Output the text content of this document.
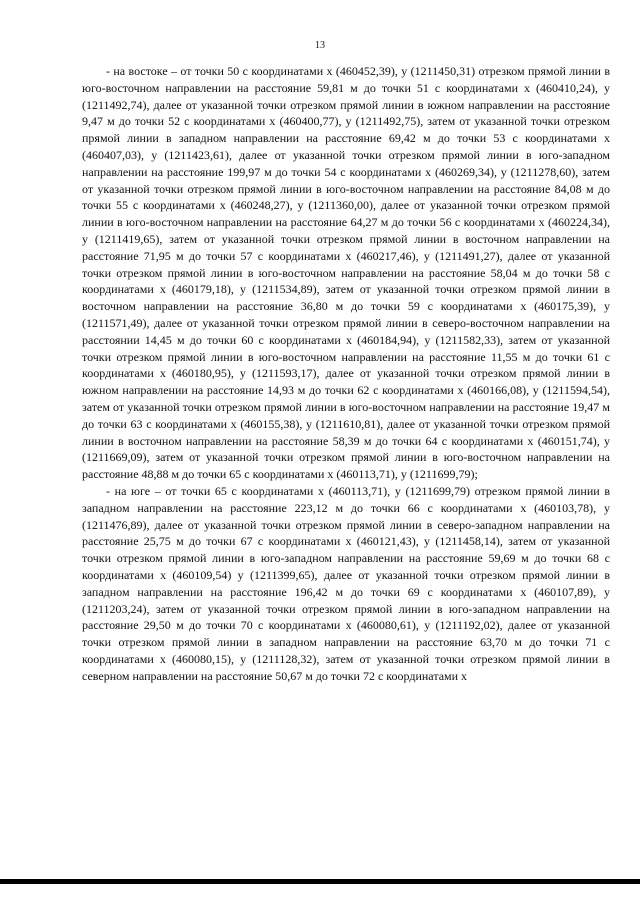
13

- на востоке – от точки 50 с координатами х (460452,39), у (1211450,31) отрезком прямой линии в юго-восточном направлении на расстояние 59,81 м до точки 51 с координатами х (460410,24), у (1211492,74), далее от указанной точки отрезком прямой линии в южном направлении на расстояние 9,47 м до точки 52 с координатами х (460400,77), у (1211492,75), затем от указанной точки отрезком прямой линии в западном направлении на расстояние 69,42 м до точки 53 с координатами х (460407,03), у (1211423,61), далее от указанной точки отрезком прямой линии в юго-западном направлении на расстояние 199,97 м до точки 54 с координатами х (460269,34), у (1211278,60), затем от указанной точки отрезком прямой линии в юго-восточном направлении на расстояние 84,08 м до точки 55 с координатами х (460248,27), у (1211360,00), далее от указанной точки отрезком прямой линии в юго-восточном направлении на расстояние 64,27 м до точки 56 с координатами х (460224,34), у (1211419,65), затем от указанной точки отрезком прямой линии в восточном направлении на расстояние 71,95 м до точки 57 с координатами х (460217,46), у (1211491,27), далее от указанной точки отрезком прямой линии в юго-восточном направлении на расстояние 58,04 м до точки 58 с координатами х (460179,18), у (1211534,89), затем от указанной точки отрезком прямой линии в восточном направлении на расстояние 36,80 м до точки 59 с координатами х (460175,39), у (1211571,49), далее от указанной точки отрезком прямой линии в северо-восточном направлении на расстоянии 14,45 м до точки 60 с координатами х (460184,94), у (1211582,33), затем от указанной точки отрезком прямой линии в юго-восточном направлении на расстояние 11,55 м до точки 61 с координатами х (460180,95), у (1211593,17), далее от указанной точки отрезком прямой линии в южном направлении на расстояние 14,93 м до точки 62 с координатами х (460166,08), у (1211594,54), затем от указанной точки отрезком прямой линии в юго-восточном направлении на расстояние 19,47 м до точки 63 с координатами х (460155,38), у (1211610,81), далее от указанной точки отрезком прямой линии в восточном направлении на расстояние 58,39 м до точки 64 с координатами х (460151,74), у (1211669,09), затем от указанной точки отрезком прямой линии в юго-восточном направлении на расстояние 48,88 м до точки 65 с координатами х (460113,71), у (1211699,79);

- на юге – от точки 65 с координатами х (460113,71), у (1211699,79) отрезком прямой линии в западном направлении на расстояние 223,12 м до точки 66 с координатами х (460103,78), у (1211476,89), далее от указанной точки отрезком прямой линии в северо-западном направлении на расстояние 25,75 м до точки 67 с координатами х (460121,43), у (1211458,14), затем от указанной точки отрезком прямой линии в юго-западном направлении на расстояние 59,69 м до точки 68 с координатами х (460109,54) у (1211399,65), далее от указанной точки отрезком прямой линии в западном направлении на расстояние 196,42 м до точки 69 с координатами х (460107,89), у (1211203,24), затем от указанной точки отрезком прямой линии в юго-западном направлении на расстояние 29,50 м до точки 70 с координатами х (460080,61), у (1211192,02), далее от указанной точки отрезком прямой линии в западном направлении на расстояние 63,70 м до точки 71 с координатами х (460080,15), у (1211128,32), затем от указанной точки отрезком прямой линии в северном направлении на расстояние 50,67 м до точки 72 с координатами х
